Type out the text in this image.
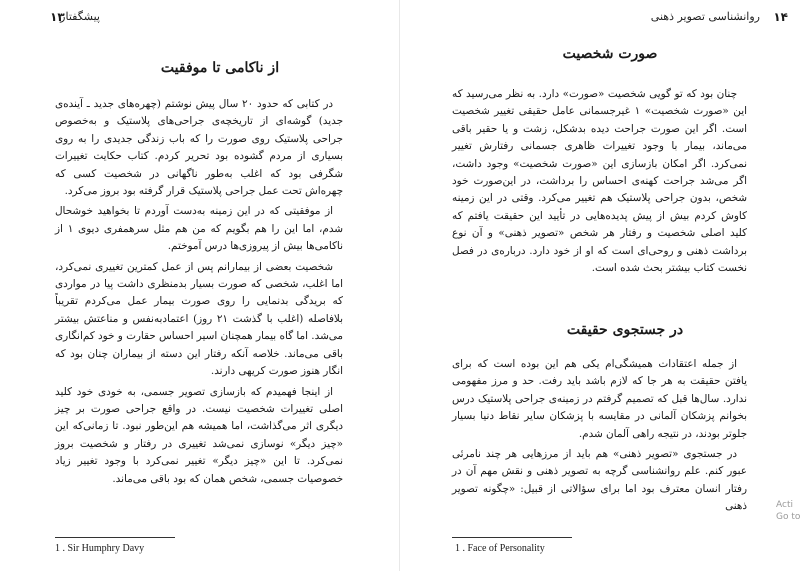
۱۳
پیشگفتار
از ناکامی تا موفقیت

در کتابی که حدود ۲۰ سال پیش نوشتم (چهره‌های جدید ـ آینده‌ی جدید) گوشه‌ای از تاریخچه‌ی جراحی‌های پلاستیک و به‌خصوص جراحی پلاستیک روی صورت را که باب زندگی جدیدی را به روی بسیاری از مردم گشوده بود تحریر کردم. کتاب حکایت تغییرات شگرفی بود که اغلب به‌طور ناگهانی در شخصیت کسی که چهره‌اش تحت عمل جراحی پلاستیک قرار گرفته بود بروز می‌کرد.

از موفقیتی که در این زمینه به‌دست آوردم تا بخواهید خوشحال شدم، اما این را هم بگویم که من هم مثل سرهمفری دیوی ۱ از ناکامی‌ها بیش از پیروزی‌ها درس آموختم.

شخصیت بعضی از بیمارانم پس از عمل کمترین تغییری نمی‌کرد، اما اغلب، شخصی که صورت بسیار بدمنظری داشت پیا در مواردی که بریدگی بدنمایی را روی صورت بیمار عمل می‌کردم تقریباً بلافاصله (اغلب با گذشت ۲۱ روز) اعتماد‌به‌نفس و مناعتش بیشتر می‌شد. اما گاه بیمار همچنان اسیر احساس حقارت و خود کم‌انگاری باقی می‌ماند. خلاصه آنکه رفتار این دسته از بیماران چنان بود که انگار هنوز صورت کریهی دارند.

از اینجا فهمیدم که بازسازی تصویر جسمی، به خودی خود کلید اصلی تغییرات شخصیت نیست. در واقع جراحی صورت بر چیز دیگری اثر می‌گذاشت، اما همیشه هم این‌طور نبود. تا زمانی‌که این «چیز دیگر» نوسازی نمی‌شد تغییری در رفتار و شخصیت بروز نمی‌کرد. تا این «چیز دیگر» تغییر نمی‌کرد با وجود تغییر زیاد خصوصیات جسمی، شخص همان که بود باقی می‌ماند.

1 . Sir Humphry Davy
۱۴
روانشناسی تصویر ذهنی
صورت شخصیت

چنان بود که تو گویی شخصیت «صورت» دارد. به نظر می‌رسید که این «صورت شخصیت» ۱ غیرجسمانی عامل حقیقی تغییر شخصیت است. اگر این صورت جراحت دیده بدشکل، زشت و یا حقیر باقی می‌ماند، بیمار با وجود تغییرات ظاهری جسمانی رفتارش تغییر نمی‌کرد. اگر امکان بازسازی این «صورت شخصیت» وجود داشت، اگر می‌شد جراحت کهنه‌ی احساس را برداشت، در این‌صورت خود شخص، بدون جراحی پلاستیک هم تغییر می‌کرد. وقتی در این زمینه کاوش کردم بیش از پیش پدیده‌هایی در تأیید این حقیقت یافتم که کلید اصلی شخصیت و رفتار هر شخص «تصویر ذهنی» و آن نوع برداشت ذهنی و روحی‌ای است که او از خود دارد. درباره‌ی در فصل نخست کتاب بیشتر بحث شده است.

در جستجوی حقیقت

از جمله اعتقادات همیشگی‌ام یکی هم این بوده است که برای یافتن حقیقت به هر جا که لازم باشد باید رفت. حد و مرز مفهومی ندارد. سال‌ها قبل که تصمیم گرفتم در زمینه‌ی جراحی پلاستیک درس بخوانم پزشکان آلمانی در مقایسه با پزشکان سایر نقاط دنیا بسیار جلوتر بودند، در نتیجه راهی آلمان شدم.

در جستجوی «تصویر ذهنی» هم باید از مرزهایی هر چند نامرئی عبور کنم. علم روانشناسی گرچه به تصویر ذهنی و نقش مهم آن در رفتار انسان معترف بود اما برای سؤالاتی از قبیل: «چگونه تصویر ذهنی

1 . Face of Personality
Acti
Go to
